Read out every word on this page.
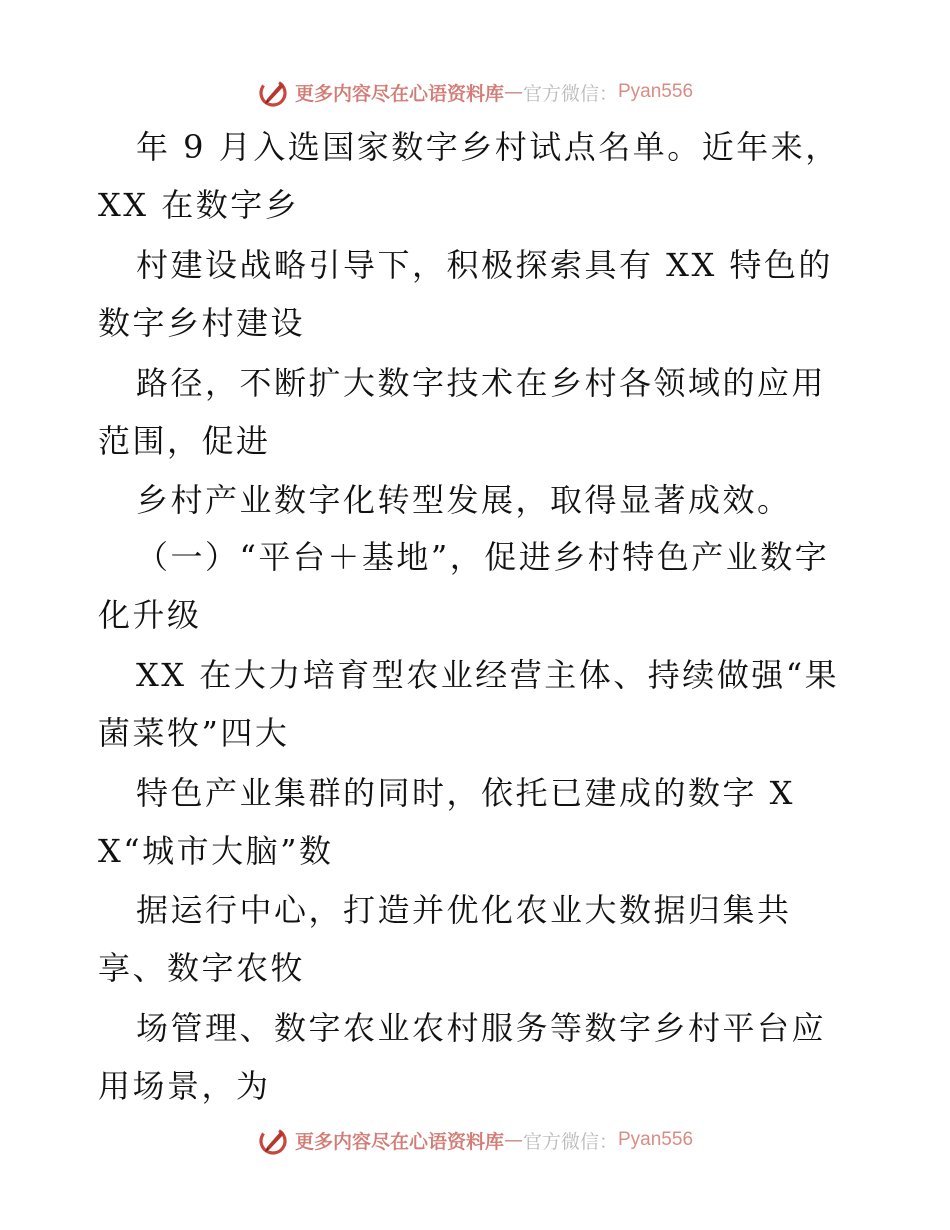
更多内容尽在心语资料库 — 官方微信： Pyan556

年 9 月入选国家数字乡村试点名单。近年来，XX 在数字乡

村建设战略引导下，积极探索具有 XX 特色的数字乡村建设

路径，不断扩大数字技术在乡村各领域的应用范围，促进

乡村产业数字化转型发展，取得显著成效。

（一）“平台＋基地”，促进乡村特色产业数字化升级

XX 在大力培育型农业经营主体、持续做强“果菌菜牧”四大

特色产业集群的同时，依托已建成的数字 XX“城市大脑”数

据运行中心，打造并优化农业大数据归集共享、数字农牧

场管理、数字农业农村服务等数字乡村平台应用场景，为

更多内容尽在心语资料库 — 官方微信： Pyan556
